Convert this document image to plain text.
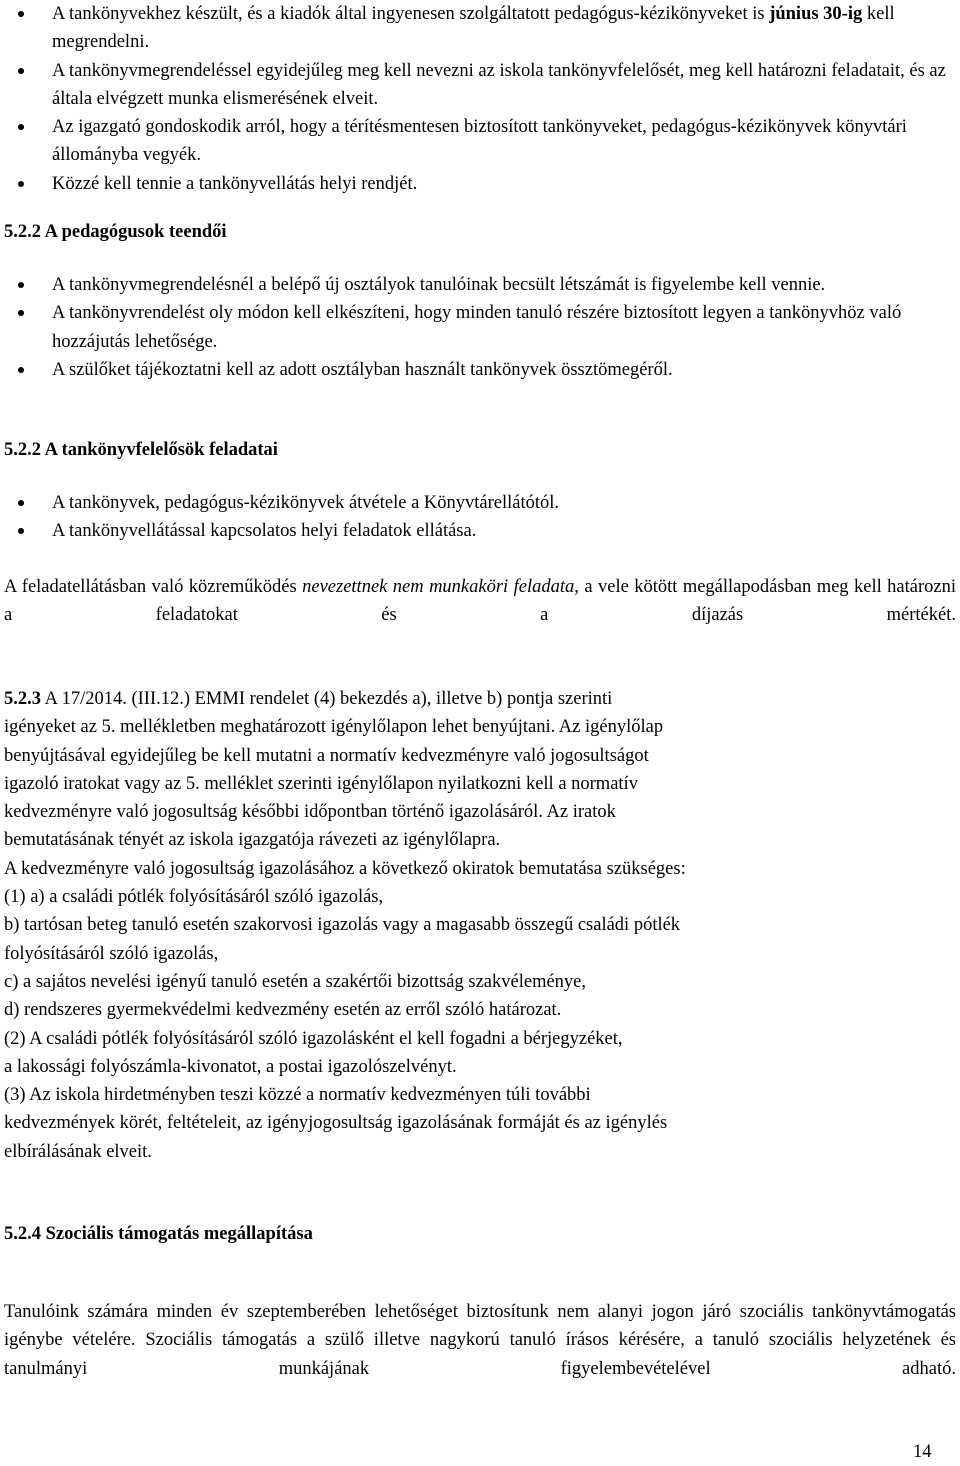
A tankönyvekhez készült, és a kiadók által ingyenesen szolgáltatott pedagógus-kézikönyveket is június 30-ig kell megrendelni.
A tankönyvmegrendeléssel egyidejűleg meg kell nevezni az iskola tankönyvfelelősét, meg kell határozni feladatait, és az általa elvégzett munka elismerésének elveit.
Az igazgató gondoskodik arról, hogy a térítésmentesen biztosított tankönyveket, pedagógus-kézikönyvek könyvtári állományba vegyék.
Közzé kell tennie a tankönyvellátás helyi rendjét.
5.2.2 A pedagógusok teendői
A tankönyvmegrendelésnél a belépő új osztályok tanulóinak becsült létszámát is figyelembe kell vennie.
A tankönyvrendelést oly módon kell elkészíteni, hogy minden tanuló részére biztosított legyen a tankönyvhöz való hozzájutás lehetősége.
A szülőket tájékoztatni kell az adott osztályban használt tankönyvek össztömegéről.
5.2.2 A tankönyvfelelősök feladatai
A tankönyvek, pedagógus-kézikönyvek átvétele a Könyvtárellátótól.
A tankönyvellátással kapcsolatos helyi feladatok ellátása.

A feladatellátásban való közreműködés nevezettnek nem munkaköri feladata, a vele kötött megállapodásban meg kell határozni a feladatokat és a díjazás mértékét.

5.2.3 A 17/2014. (III.12.) EMMI rendelet (4) bekezdés a), illetve b) pontja szerinti
igényeket az 5. mellékletben meghatározott igénylőlapon lehet benyújtani. Az igénylőlap
benyújtásával egyidejűleg be kell mutatni a normatív kedvezményre való jogosultságot
igazoló iratokat vagy az 5. melléklet szerinti igénylőlapon nyilatkozni kell a normatív
kedvezményre való jogosultság későbbi időpontban történő igazolásáról. Az iratok
bemutatásának tényét az iskola igazgatója rávezeti az igénylőlapra.
A kedvezményre való jogosultság igazolásához a következő okiratok bemutatása szükséges:
(1) a) a családi pótlék folyósításáról szóló igazolás,
b) tartósan beteg tanuló esetén szakorvosi igazolás vagy a magasabb összegű családi pótlék
folyósításáról szóló igazolás,
c) a sajátos nevelési igényű tanuló esetén a szakértői bizottság szakvéleménye,
d) rendszeres gyermekvédelmi kedvezmény esetén az erről szóló határozat.
(2) A családi pótlék folyósításáról szóló igazolásként el kell fogadni a bérjegyzéket,
a lakossági folyószámla-kivonatot, a postai igazolószelvényt.
(3) Az iskola hirdetményben teszi közzé a normatív kedvezményen túli további
kedvezmények körét, feltételeit, az igényjogosultság igazolásának formáját és az igénylés
elbírálásának elveit.
5.2.4 Szociális támogatás megállapítása

Tanulóink számára minden év szeptemberében lehetőséget biztosítunk nem alanyi jogon járó szociális tankönyvtámogatás igénybe vételére. Szociális támogatás a szülő illetve nagykorú tanuló írásos kérésére, a tanuló szociális helyzetének és tanulmányi munkájának figyelembevételével adható.

14
